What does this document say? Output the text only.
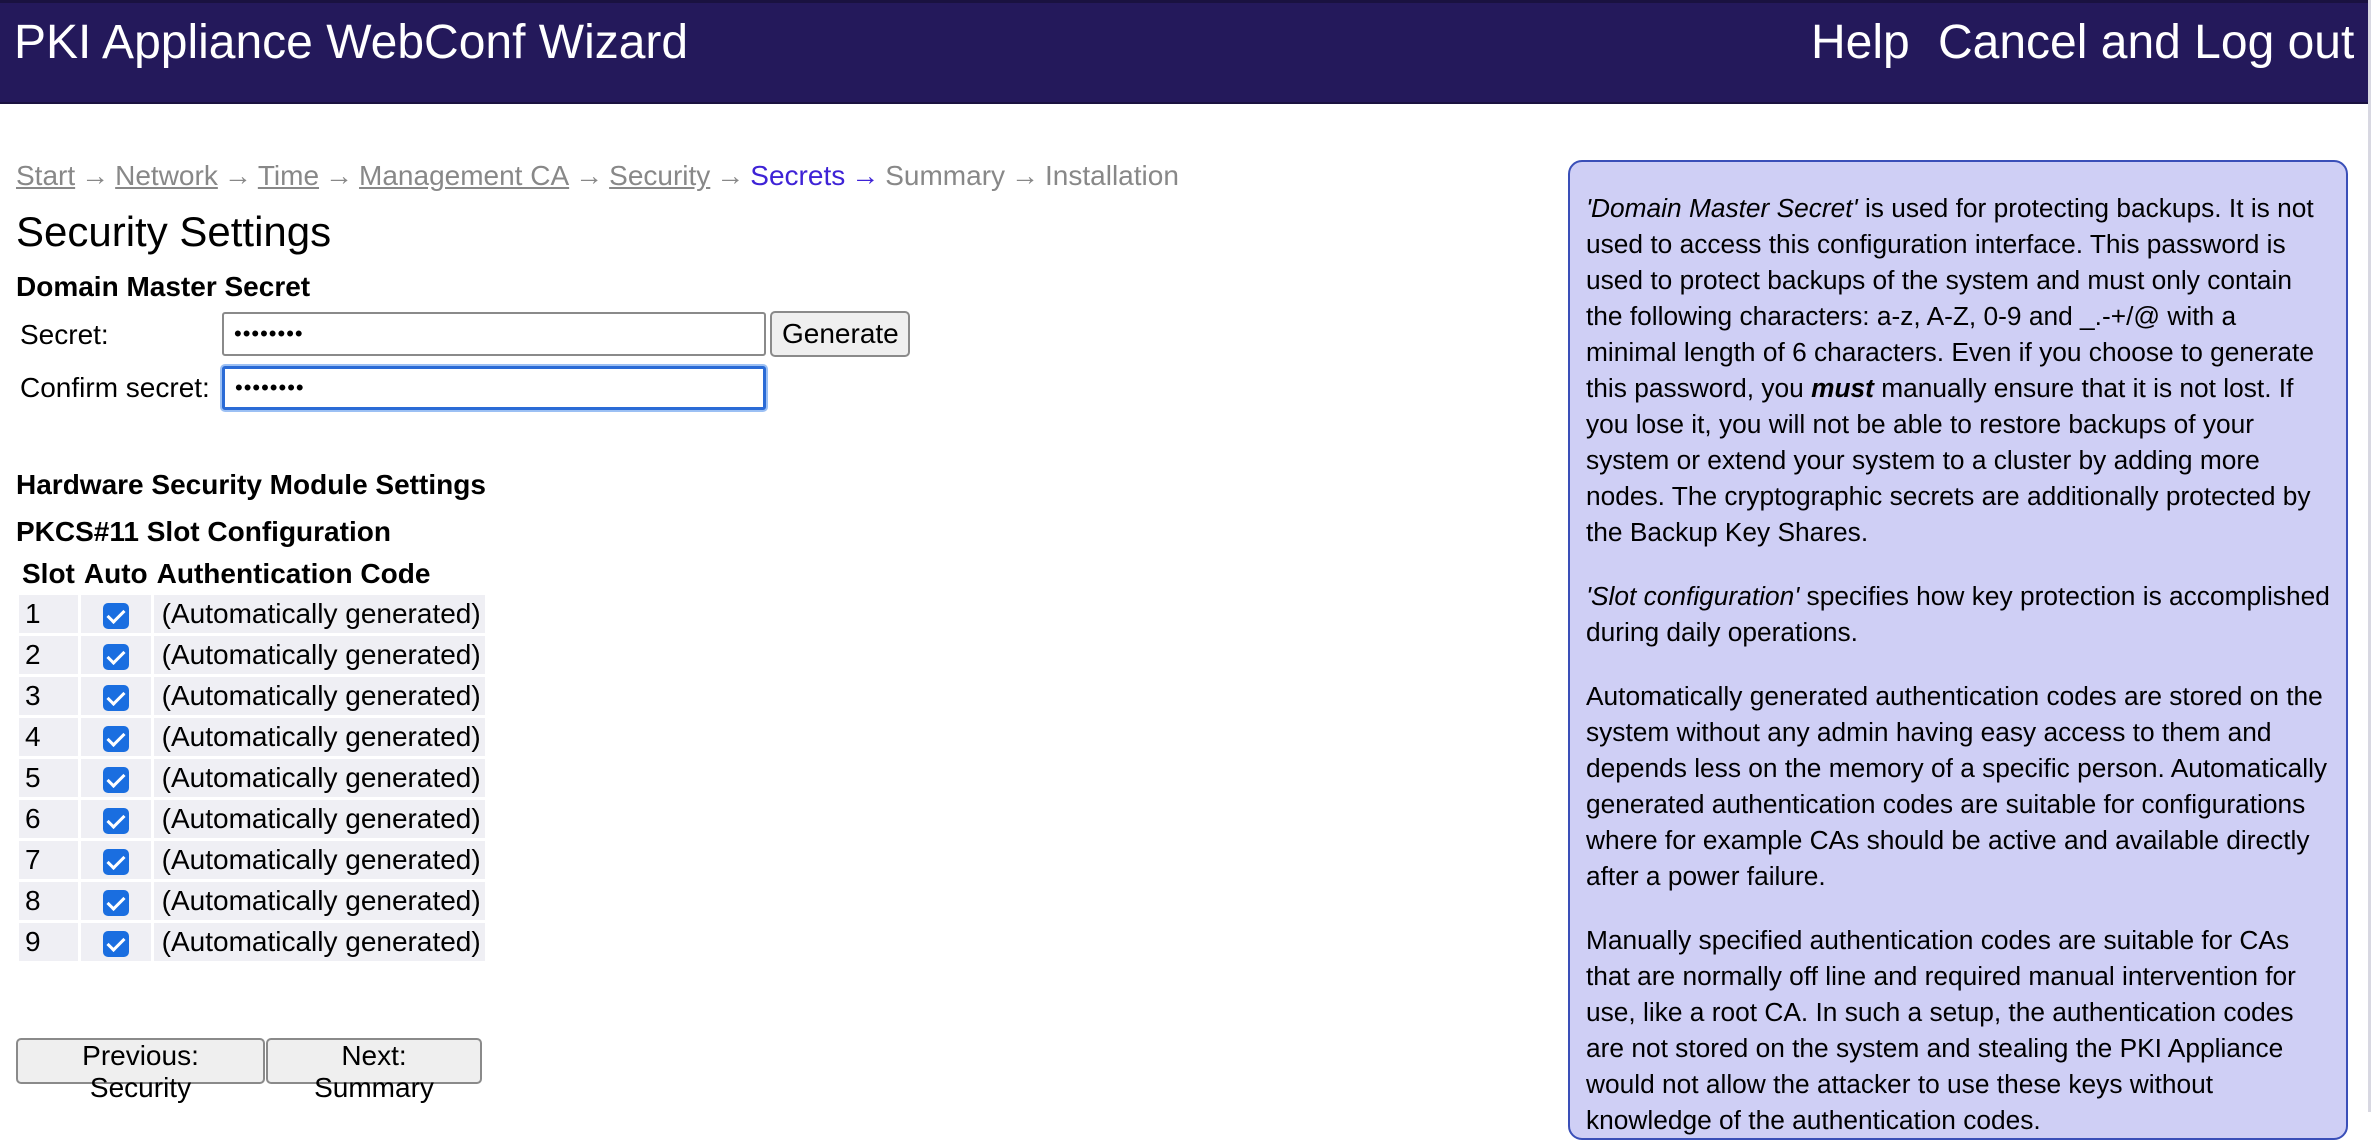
PKI Appliance WebConf Wizard	Help Cancel and Log out
Start → Network → Time → Management CA → Security → Secrets → Summary → Installation
Security Settings
Domain Master Secret
Secret:
••••••••	Generate
Confirm secret:
••••••••
Hardware Security Module Settings
PKCS#11 Slot Configuration
Slot	Auto	Authentication Code
1		(Automatically generated)
2		(Automatically generated)
3		(Automatically generated)
4		(Automatically generated)
5		(Automatically generated)
6		(Automatically generated)
7		(Automatically generated)
8		(Automatically generated)
9		(Automatically generated)
Previous: Security
Next: Summary

'Domain Master Secret' is used for protecting backups. It is not used to access this configuration interface. This password is used to protect backups of the system and must only contain the following characters: a-z, A-Z, 0-9 and _.-+/@ with a minimal length of 6 characters. Even if you choose to generate this password, you must manually ensure that it is not lost. If you lose it, you will not be able to restore backups of your system or extend your system to a cluster by adding more nodes. The cryptographic secrets are additionally protected by the Backup Key Shares.

'Slot configuration' specifies how key protection is accomplished during daily operations.

Automatically generated authentication codes are stored on the system without any admin having easy access to them and depends less on the memory of a specific person. Automatically generated authentication codes are suitable for configurations where for example CAs should be active and available directly after a power failure.

Manually specified authentication codes are suitable for CAs that are normally off line and required manual intervention for use, like a root CA. In such a setup, the authentication codes are not stored on the system and stealing the PKI Appliance would not allow the attacker to use these keys without knowledge of the authentication codes.
